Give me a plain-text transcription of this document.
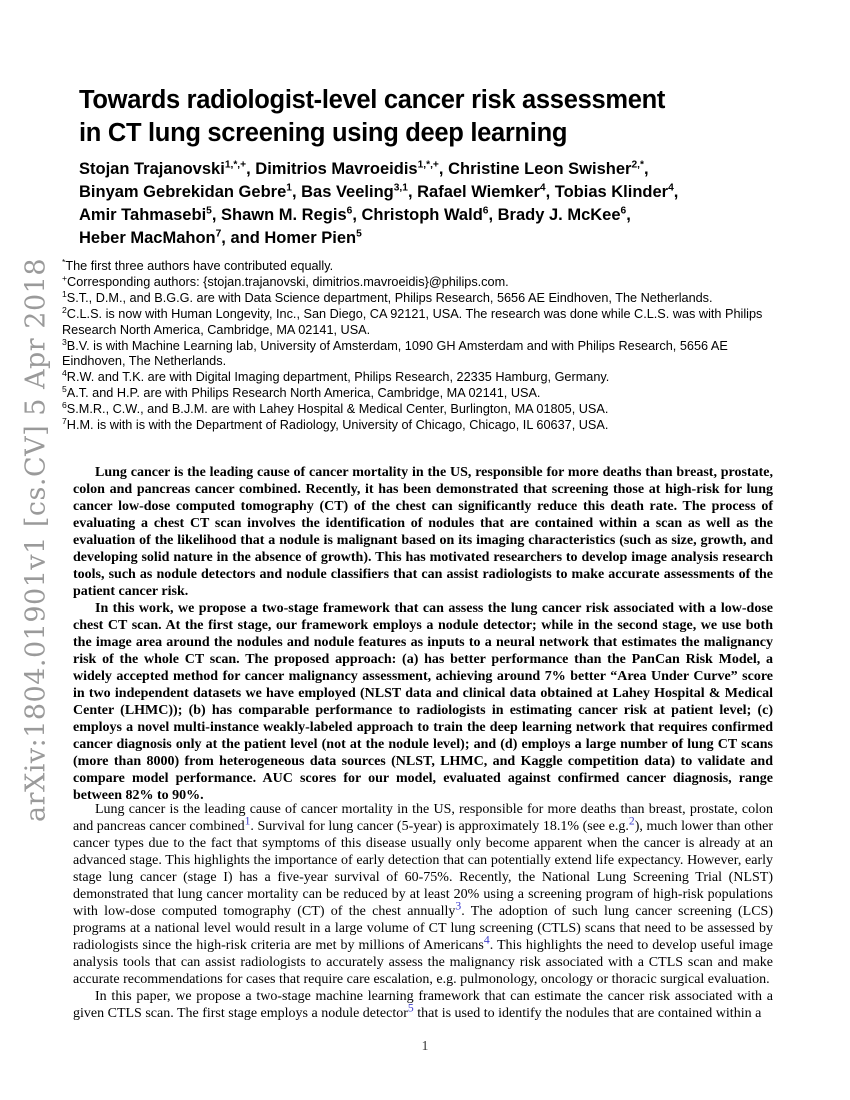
arXiv:1804.01901v1 [cs.CV] 5 Apr 2018
Towards radiologist-level cancer risk assessment
in CT lung screening using deep learning
Stojan Trajanovski$^{1,*,+}$, Dimitrios Mavroeidis$^{1,*,+}$, Christine Leon Swisher$^{2,*}$,
Binyam Gebrekidan Gebre$^1$, Bas Veeling$^{3,1}$, Rafael Wiemker$^4$, Tobias Klinder$^4$,
Amir Tahmasebi$^5$, Shawn M. Regis$^6$, Christoph Wald$^6$, Brady J. McKee$^6$,
Heber MacMahon$^7$, and Homer Pien$^5$
*The first three authors have contributed equally.
+Corresponding authors: {stojan.trajanovski, dimitrios.mavroeidis}@philips.com.
$^1$S.T., D.M., and B.G.G. are with Data Science department, Philips Research, 5656 AE Eindhoven, The Netherlands.
$^2$C.L.S. is now with Human Longevity, Inc., San Diego, CA 92121, USA. The research was done while C.L.S. was with Philips Research North America, Cambridge, MA 02141, USA.
$^3$B.V. is with Machine Learning lab, University of Amsterdam, 1090 GH Amsterdam and with Philips Research, 5656 AE Eindhoven, The Netherlands.
$^4$R.W. and T.K. are with Digital Imaging department, Philips Research, 22335 Hamburg, Germany.
$^5$A.T. and H.P. are with Philips Research North America, Cambridge, MA 02141, USA.
$^6$S.M.R., C.W., and B.J.M. are with Lahey Hospital & Medical Center, Burlington, MA 01805, USA.
$^7$H.M. is with is with the Department of Radiology, University of Chicago, Chicago, IL 60637, USA.

Lung cancer is the leading cause of cancer mortality in the US, responsible for more deaths than breast, prostate, colon and pancreas cancer combined. Recently, it has been demonstrated that screening those at high-risk for lung cancer low-dose computed tomography (CT) of the chest can significantly reduce this death rate. The process of evaluating a chest CT scan involves the identification of nodules that are contained within a scan as well as the evaluation of the likelihood that a nodule is malignant based on its imaging characteristics (such as size, growth, and developing solid nature in the absence of growth). This has motivated researchers to develop image analysis research tools, such as nodule detectors and nodule classifiers that can assist radiologists to make accurate assessments of the patient cancer risk.

In this work, we propose a two-stage framework that can assess the lung cancer risk associated with a low-dose chest CT scan. At the first stage, our framework employs a nodule detector; while in the second stage, we use both the image area around the nodules and nodule features as inputs to a neural network that estimates the malignancy risk of the whole CT scan. The proposed approach: (a) has better performance than the PanCan Risk Model, a widely accepted method for cancer malignancy assessment, achieving around 7% better “Area Under Curve” score in two independent datasets we have employed (NLST data and clinical data obtained at Lahey Hospital & Medical Center (LHMC)); (b) has comparable performance to radiologists in estimating cancer risk at patient level; (c) employs a novel multi-instance weakly-labeled approach to train the deep learning network that requires confirmed cancer diagnosis only at the patient level (not at the nodule level); and (d) employs a large number of lung CT scans (more than 8000) from heterogeneous data sources (NLST, LHMC, and Kaggle competition data) to validate and compare model performance. AUC scores for our model, evaluated against confirmed cancer diagnosis, range between 82% to 90%.

Lung cancer is the leading cause of cancer mortality in the US, responsible for more deaths than breast, prostate, colon and pancreas cancer combined$^1$. Survival for lung cancer (5-year) is approximately 18.1% (see e.g.$^2$), much lower than other cancer types due to the fact that symptoms of this disease usually only become apparent when the cancer is already at an advanced stage. This highlights the importance of early detection that can potentially extend life expectancy. However, early stage lung cancer (stage I) has a five-year survival of 60-75%. Recently, the National Lung Screening Trial (NLST) demonstrated that lung cancer mortality can be reduced by at least 20% using a screening program of high-risk populations with low-dose computed tomography (CT) of the chest annually$^3$. The adoption of such lung cancer screening (LCS) programs at a national level would result in a large volume of CT lung screening (CTLS) scans that need to be assessed by radiologists since the high-risk criteria are met by millions of Americans$^4$. This highlights the need to develop useful image analysis tools that can assist radiologists to accurately assess the malignancy risk associated with a CTLS scan and make accurate recommendations for cases that require care escalation, e.g. pulmonology, oncology or thoracic surgical evaluation.

In this paper, we propose a two-stage machine learning framework that can estimate the cancer risk associated with a given CTLS scan. The first stage employs a nodule detector$^5$ that is used to identify the nodules that are contained within a

1
